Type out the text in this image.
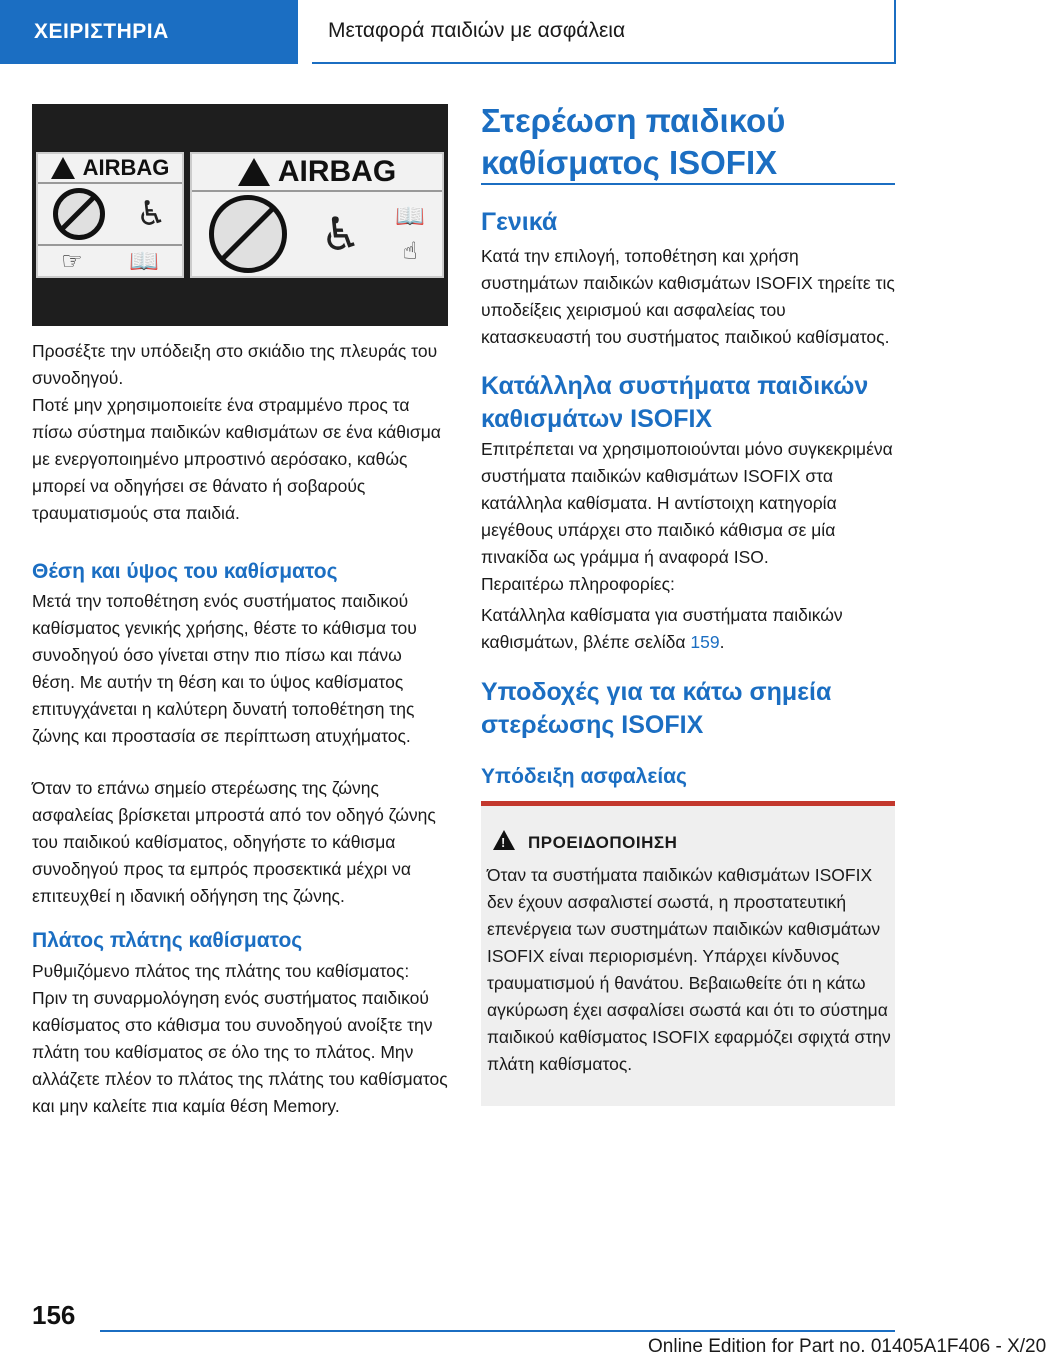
ΧΕΙΡΙΣΤΗΡΙΑ	Μεταφορά παιδιών με ασφάλεια
AIRBAG
♿
☞ 📖
AIRBAG
♿ 📖
☝

Προσέξτε την υπόδειξη στο σκιάδιο της πλευράς του συνοδηγού.

Ποτέ μην χρησιμοποιείτε ένα στραμμένο προς τα πίσω σύστημα παιδικών καθισμάτων σε ένα κάθισμα με ενεργοποιημένο μπροστινό αερόσακο, καθώς μπορεί να οδηγήσει σε θάνατο ή σοβαρούς τραυματισμούς στα παιδιά.

Θέση και ύψος του καθίσματος

Μετά την τοποθέτηση ενός συστήματος παιδικού καθίσματος γενικής χρήσης, θέστε το κάθισμα του συνοδηγού όσο γίνεται στην πιο πίσω και πάνω θέση. Με αυτήν τη θέση και το ύψος καθίσματος επιτυγχάνεται η καλύτερη δυνατή τοποθέτηση της ζώνης και προστασία σε περίπτωση ατυχήματος.

Όταν το επάνω σημείο στερέωσης της ζώνης ασφαλείας βρίσκεται μπροστά από τον οδηγό ζώνης του παιδικού καθίσματος, οδηγήστε το κάθισμα συνοδηγού προς τα εμπρός προσεκτικά μέχρι να επιτευχθεί η ιδανική οδήγηση της ζώνης.

Πλάτος πλάτης καθίσματος

Ρυθμιζόμενο πλάτος της πλάτης του καθίσματος: Πριν τη συναρμολόγηση ενός συστήματος παιδικού καθίσματος στο κάθισμα του συνοδηγού ανοίξτε την πλάτη του καθίσματος σε όλο της το πλάτος. Μην αλλάζετε πλέον το πλάτος της πλάτης του καθίσματος και μην καλείτε πια καμία θέση Memory.

Στερέωση παιδικού καθίσματος ISOFIX
Γενικά

Κατά την επιλογή, τοποθέτηση και χρήση συστημάτων παιδικών καθισμάτων ISOFIX τηρείτε τις υποδείξεις χειρισμού και ασφαλείας του κατασκευαστή του συστήματος παιδικού καθίσματος.

Κατάλληλα συστήματα παιδικών καθισμάτων ISOFIX

Επιτρέπεται να χρησιμοποιούνται μόνο συγκεκριμένα συστήματα παιδικών καθισμάτων ISOFIX στα κατάλληλα καθίσματα. Η αντίστοιχη κατηγορία μεγέθους υπάρχει στο παιδικό κάθισμα σε μία πινακίδα ως γράμμα ή αναφορά ISO.

Περαιτέρω πληροφορίες:

Κατάλληλα καθίσματα για συστήματα παιδικών καθισμάτων, βλέπε σελίδα 159.

Υποδοχές για τα κάτω σημεία στερέωσης ISOFIX
Υπόδειξη ασφαλείας
! ΠΡΟΕΙΔΟΠΟΙΗΣΗ

Όταν τα συστήματα παιδικών καθισμάτων ISOFIX δεν έχουν ασφαλιστεί σωστά, η προστατευτική επενέργεια των συστημάτων παιδικών καθισμάτων ISOFIX είναι περιορισμένη. Υπάρχει κίνδυνος τραυματισμού ή θανάτου. Βεβαιωθείτε ότι η κάτω αγκύρωση έχει ασφαλίσει σωστά και ότι το σύστημα παιδικού καθίσματος ISOFIX εφαρμόζει σφιχτά στην πλάτη καθίσματος.

156
Online Edition for Part no. 01405A1F406 - X/20
